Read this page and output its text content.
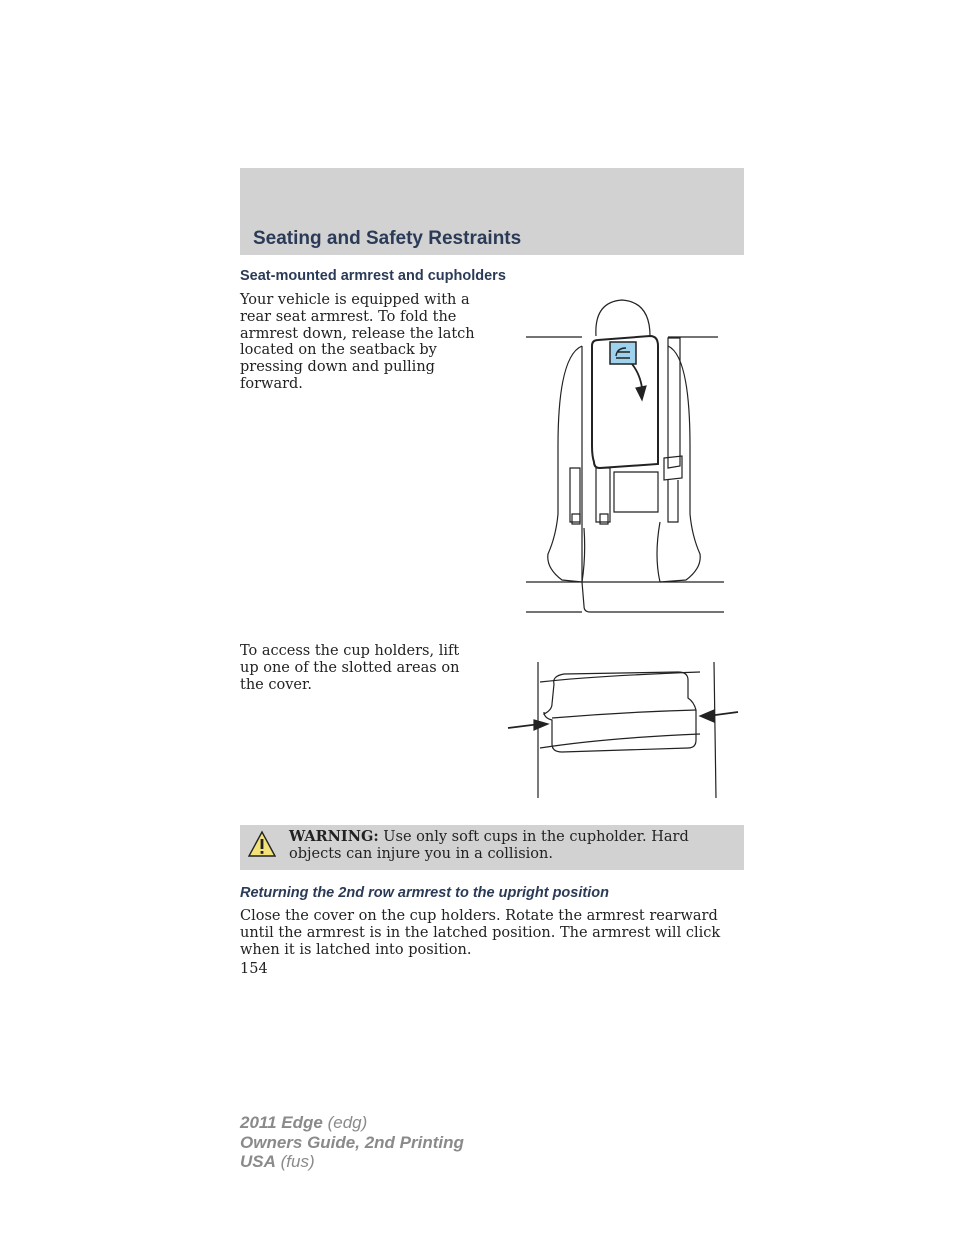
Seating and Safety Restraints
Seat-mounted armrest and cupholders

Your vehicle is equipped with a rear seat armrest. To fold the armrest down, release the latch located on the seatback by pressing down and pulling forward.

To access the cup holders, lift up one of the slotted areas on the cover.

WARNING: Use only soft cups in the cupholder. Hard objects can injure you in a collision.

Returning the 2nd row armrest to the upright position

Close the cover on the cup holders. Rotate the armrest rearward until the armrest is in the latched position. The armrest will click when it is latched into position.

154

2011 Edge (edg)
Owners Guide, 2nd Printing
USA (fus)
